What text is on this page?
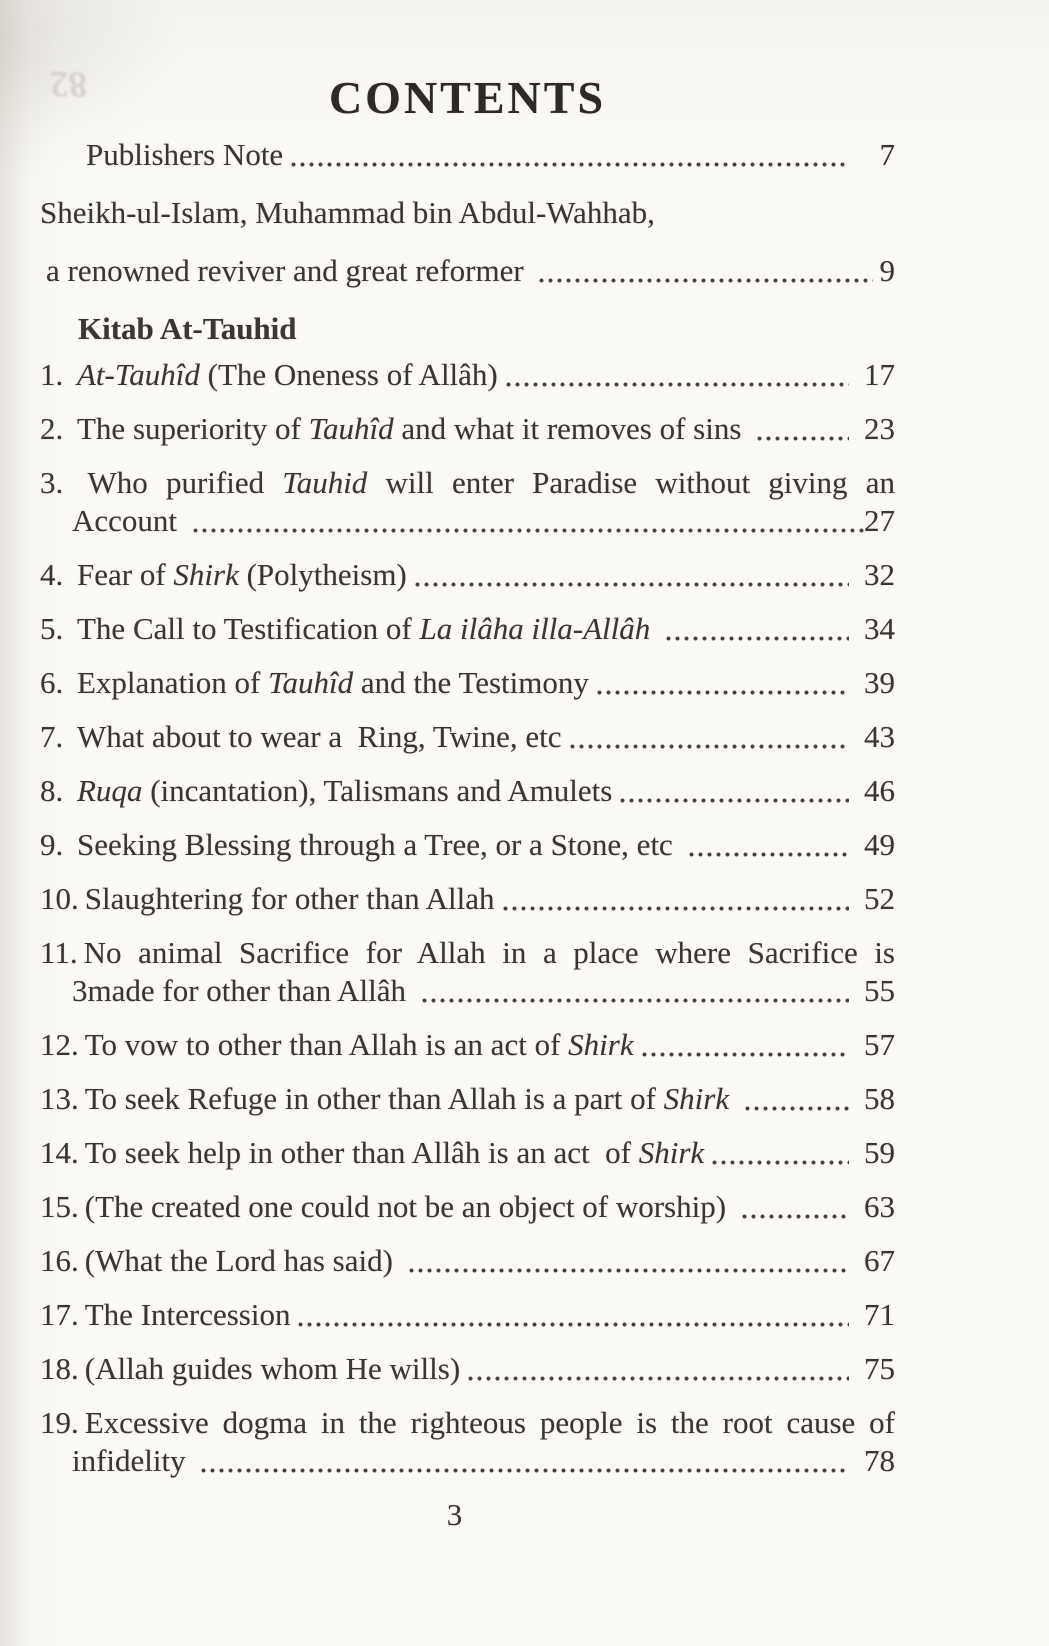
82	CONTENTS
Publishers Note	7
Sheikh-ul-Islam, Muhammad bin Abdul-Wahhab,
a renowned reviver and great reformer	9
Kitab At-Tauhid
1. At-Tauhîd (The Oneness of Allâh)	17
2. The superiority of Tauhîd and what it removes of sins	23
3. Who purified Tauhid will enter Paradise without giving an
Account	27
4. Fear of Shirk (Polytheism)	32
5. The Call to Testification of La ilâha illa-Allâh	34
6. Explanation of Tauhîd and the Testimony	39
7. What about to wear a  Ring, Twine, etc	43
8. Ruqa (incantation), Talismans and Amulets	46
9. Seeking Blessing through a Tree, or a Stone, etc	49
10. Slaughtering for other than Allah	52
11. No animal Sacrifice for Allah in a place where Sacrifice is
3made for other than Allâh	55
12. To vow to other than Allah is an act of Shirk	57
13. To seek Refuge in other than Allah is a part of Shirk	58
14. To seek help in other than Allâh is an act  of Shirk	59
15. (The created one could not be an object of worship)	63
16. (What the Lord has said)	67
17. The Intercession	71
18. (Allah guides whom He wills)	75
19. Excessive dogma in the righteous people is the root cause of
infidelity	78
3
